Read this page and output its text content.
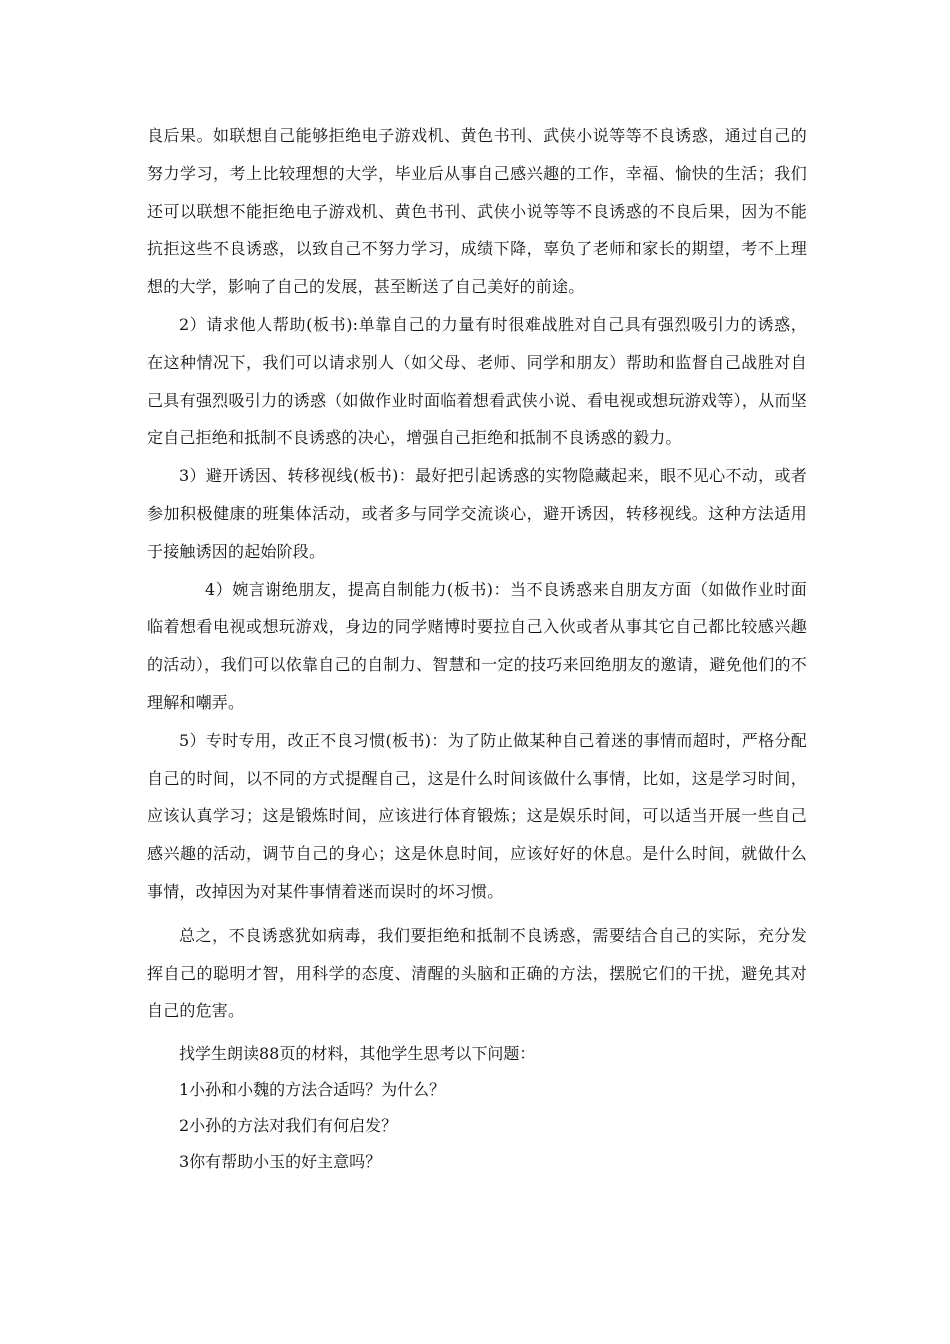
良后果。如联想自己能够拒绝电子游戏机、黄色书刊、武侠小说等等不良诱惑，通过自己的努力学习，考上比较理想的大学，毕业后从事自己感兴趣的工作，幸福、愉快的生活；我们还可以联想不能拒绝电子游戏机、黄色书刊、武侠小说等等不良诱惑的不良后果，因为不能抗拒这些不良诱惑，以致自己不努力学习，成绩下降，辜负了老师和家长的期望，考不上理想的大学，影响了自己的发展，甚至断送了自己美好的前途。

2）请求他人帮助(板书):单靠自己的力量有时很难战胜对自己具有强烈吸引力的诱惑，在这种情况下，我们可以请求别人（如父母、老师、同学和朋友）帮助和监督自己战胜对自己具有强烈吸引力的诱惑（如做作业时面临着想看武侠小说、看电视或想玩游戏等），从而坚定自己拒绝和抵制不良诱惑的决心，增强自己拒绝和抵制不良诱惑的毅力。

3）避开诱因、转移视线(板书)：最好把引起诱惑的实物隐藏起来，眼不见心不动，或者参加积极健康的班集体活动，或者多与同学交流谈心，避开诱因，转移视线。这种方法适用于接触诱因的起始阶段。

4）婉言谢绝朋友，提高自制能力(板书)：当不良诱惑来自朋友方面（如做作业时面临着想看电视或想玩游戏，身边的同学赌博时要拉自己入伙或者从事其它自己都比较感兴趣的活动），我们可以依靠自己的自制力、智慧和一定的技巧来回绝朋友的邀请，避免他们的不理解和嘲弄。

5）专时专用，改正不良习惯(板书)：为了防止做某种自己着迷的事情而超时，严格分配自己的时间，以不同的方式提醒自己，这是什么时间该做什么事情，比如，这是学习时间，应该认真学习；这是锻炼时间，应该进行体育锻炼；这是娱乐时间，可以适当开展一些自己感兴趣的活动，调节自己的身心；这是休息时间，应该好好的休息。是什么时间，就做什么事情，改掉因为对某件事情着迷而误时的坏习惯。

总之，不良诱惑犹如病毒，我们要拒绝和抵制不良诱惑，需要结合自己的实际，充分发挥自己的聪明才智，用科学的态度、清醒的头脑和正确的方法，摆脱它们的干扰，避免其对自己的危害。

找学生朗读88页的材料，其他学生思考以下问题：

1小孙和小魏的方法合适吗？为什么？

2小孙的方法对我们有何启发？

3你有帮助小玉的好主意吗？
